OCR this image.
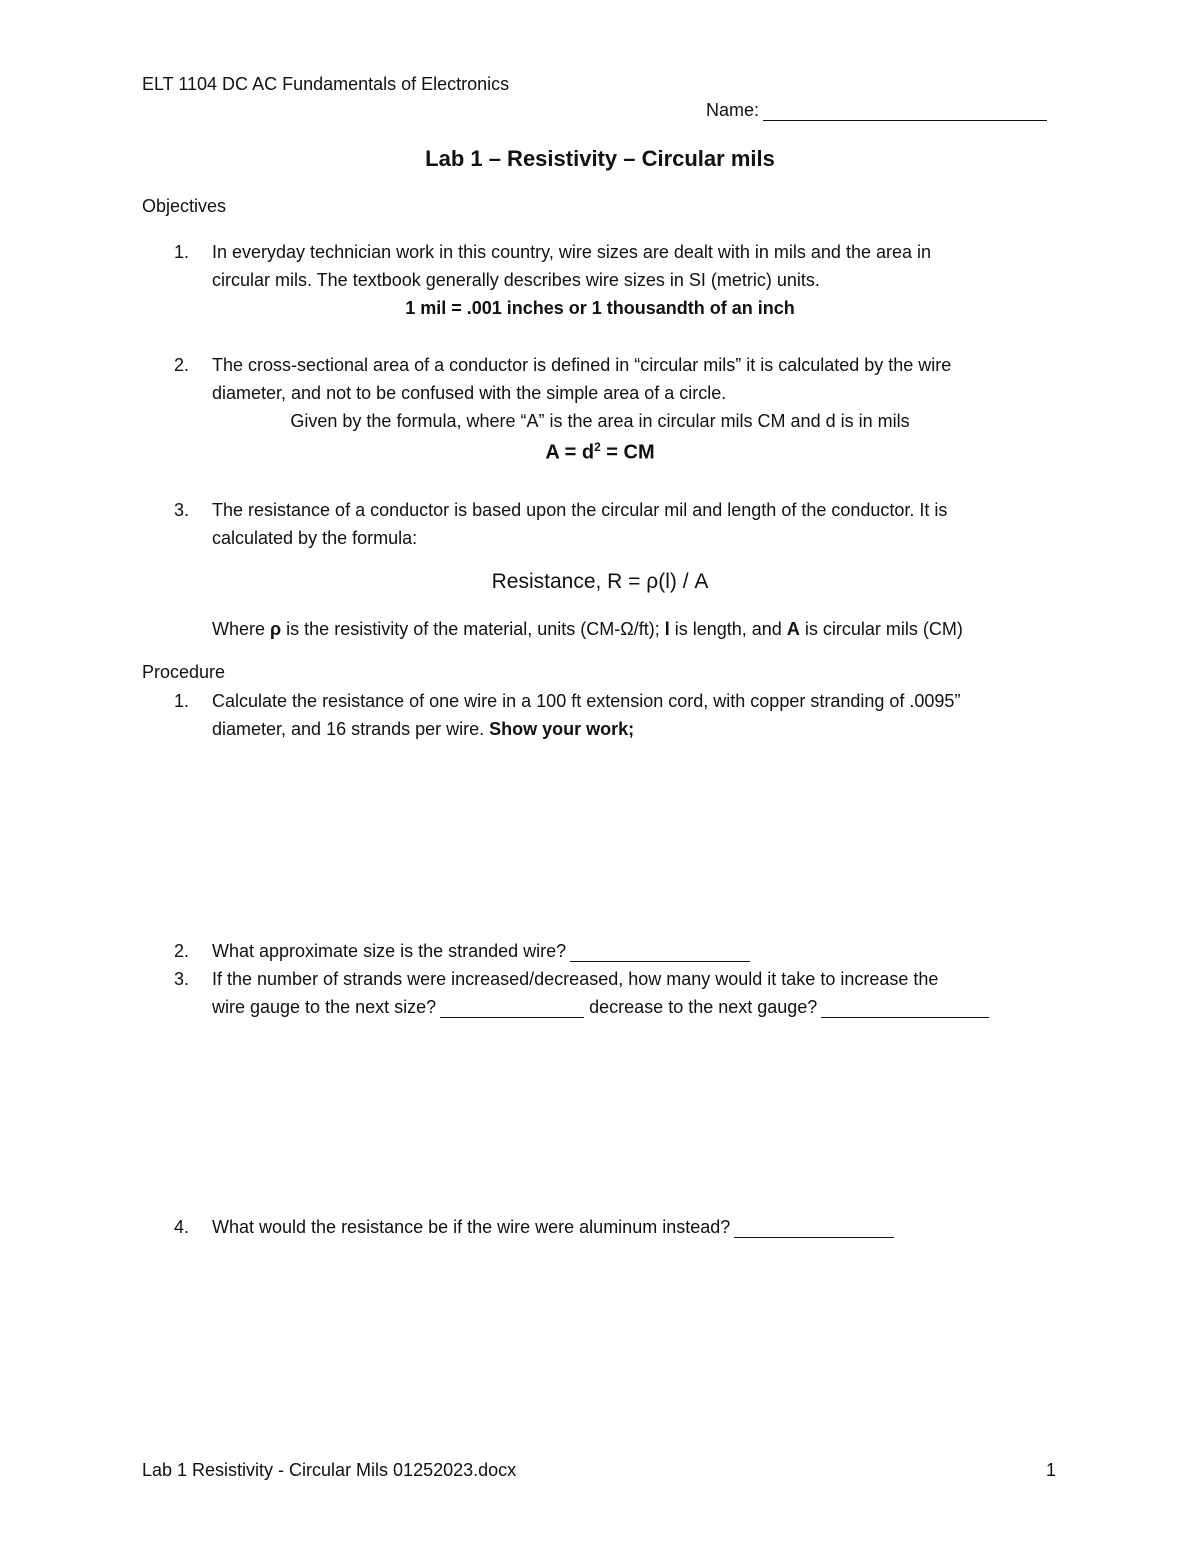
ELT 1104 DC AC Fundamentals of Electronics
Name:
Lab 1 – Resistivity – Circular mils
Objectives
1. In everyday technician work in this country, wire sizes are dealt with in mils and the area in
circular mils. The textbook generally describes wire sizes in SI (metric) units.
1 mil = .001 inches or 1 thousandth of an inch
2. The cross-sectional area of a conductor is defined in “circular mils” it is calculated by the wire
diameter, and not to be confused with the simple area of a circle.
Given by the formula, where “A” is the area in circular mils CM and d is in mils
$A = d^2$ = CM
3. The resistance of a conductor is based upon the circular mil and length of the conductor. It is
calculated by the formula:
Resistance, R = ρ(l) / A
Where ρ is the resistivity of the material, units (CM-Ω/ft); l is length, and A is circular mils (CM)
Procedure
1. Calculate the resistance of one wire in a 100 ft extension cord, with copper stranding of .0095”
diameter, and 16 strands per wire. Show your work;
2. What approximate size is the stranded wire?
3. If the number of strands were increased/decreased, how many would it take to increase the
wire gauge to the next size?	decrease to the next gauge?
4. What would the resistance be if the wire were aluminum instead?
Lab 1 Resistivity - Circular Mils 01252023.docx	1
